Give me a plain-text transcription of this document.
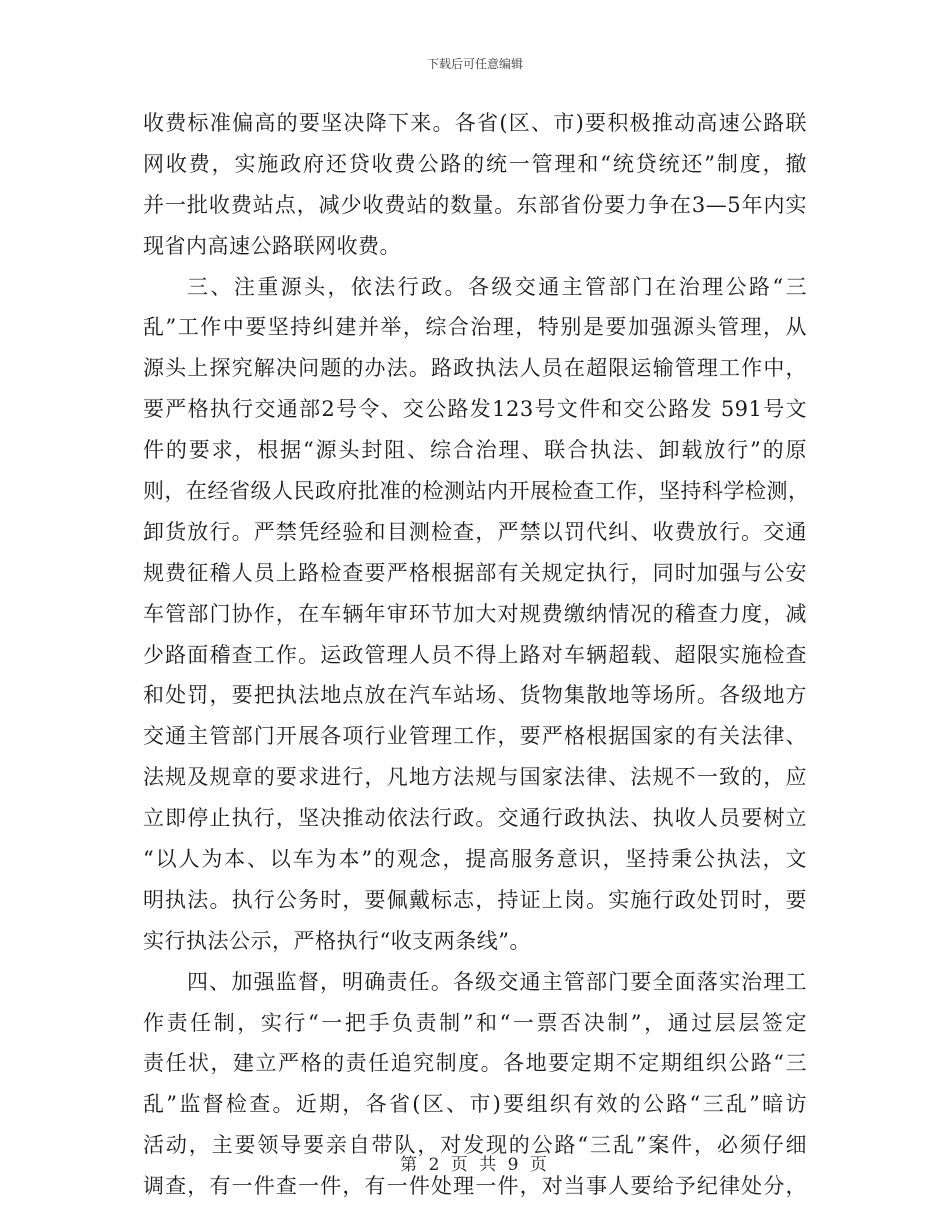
下载后可任意编辑
收费标准偏高的要坚决降下来。各省(区、市)要积极推动高速公路联
网收费，实施政府还贷收费公路的统一管理和“统贷统还”制度，撤
并一批收费站点，减少收费站的数量。东部省份要力争在3—5年内实
现省内高速公路联网收费。
三、注重源头，依法行政。各级交通主管部门在治理公路“三
乱”工作中要坚持纠建并举，综合治理，特别是要加强源头管理，从
源头上探究解决问题的办法。路政执法人员在超限运输管理工作中，
要严格执行交通部2号令、交公路发123号文件和交公路发 591号文
件的要求，根据“源头封阻、综合治理、联合执法、卸载放行”的原
则，在经省级人民政府批准的检测站内开展检查工作，坚持科学检测，
卸货放行。严禁凭经验和目测检查，严禁以罚代纠、收费放行。交通
规费征稽人员上路检查要严格根据部有关规定执行，同时加强与公安
车管部门协作，在车辆年审环节加大对规费缴纳情况的稽查力度，减
少路面稽查工作。运政管理人员不得上路对车辆超载、超限实施检查
和处罚，要把执法地点放在汽车站场、货物集散地等场所。各级地方
交通主管部门开展各项行业管理工作，要严格根据国家的有关法律、
法规及规章的要求进行，凡地方法规与国家法律、法规不一致的，应
立即停止执行，坚决推动依法行政。交通行政执法、执收人员要树立
“以人为本、以车为本”的观念，提高服务意识，坚持秉公执法，文
明执法。执行公务时，要佩戴标志，持证上岗。实施行政处罚时，要
实行执法公示，严格执行“收支两条线”。
四、加强监督，明确责任。各级交通主管部门要全面落实治理工
作责任制，实行“一把手负责制”和“一票否决制”，通过层层签定
责任状，建立严格的责任追究制度。各地要定期不定期组织公路“三
乱”监督检查。近期，各省(区、市)要组织有效的公路“三乱”暗访
活动，主要领导要亲自带队，对发现的公路“三乱”案件，必须仔细
调查，有一件查一件，有一件处理一件，对当事人要给予纪律处分，
第 2 页 共 9 页
